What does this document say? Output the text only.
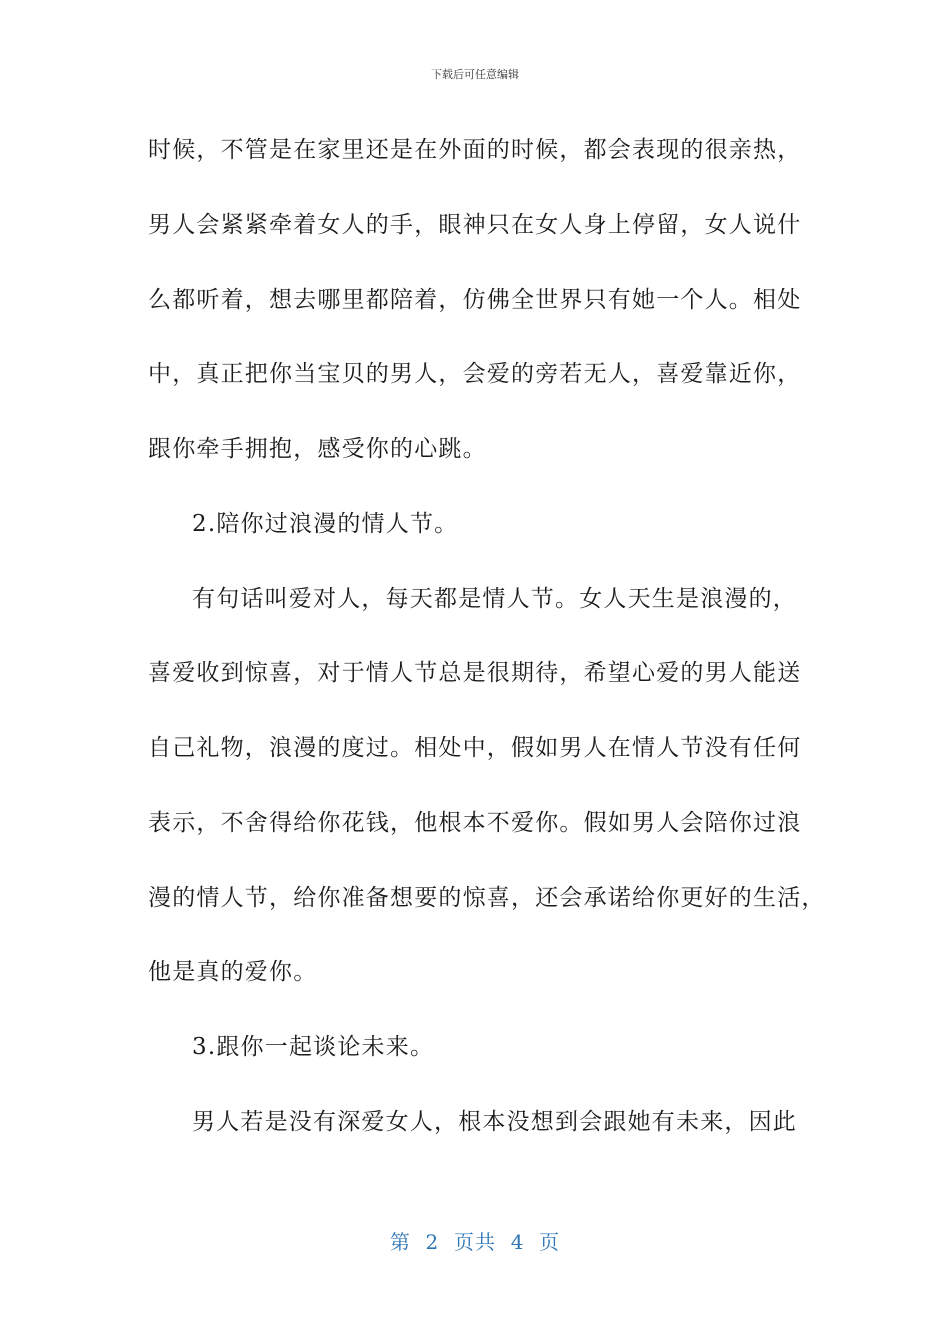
下载后可任意编辑
时候，不管是在家里还是在外面的时候，都会表现的很亲热，
男人会紧紧牵着女人的手，眼神只在女人身上停留，女人说什
么都听着，想去哪里都陪着，仿佛全世界只有她一个人。相处
中，真正把你当宝贝的男人，会爱的旁若无人，喜爱靠近你，
跟你牵手拥抱，感受你的心跳。
2.陪你过浪漫的情人节。
有句话叫爱对人，每天都是情人节。女人天生是浪漫的，
喜爱收到惊喜，对于情人节总是很期待，希望心爱的男人能送
自己礼物，浪漫的度过。相处中，假如男人在情人节没有任何
表示，不舍得给你花钱，他根本不爱你。假如男人会陪你过浪
漫的情人节，给你准备想要的惊喜，还会承诺给你更好的生活，
他是真的爱你。
3.跟你一起谈论未来。
男人若是没有深爱女人，根本没想到会跟她有未来，因此
第  2  页共  4  页
